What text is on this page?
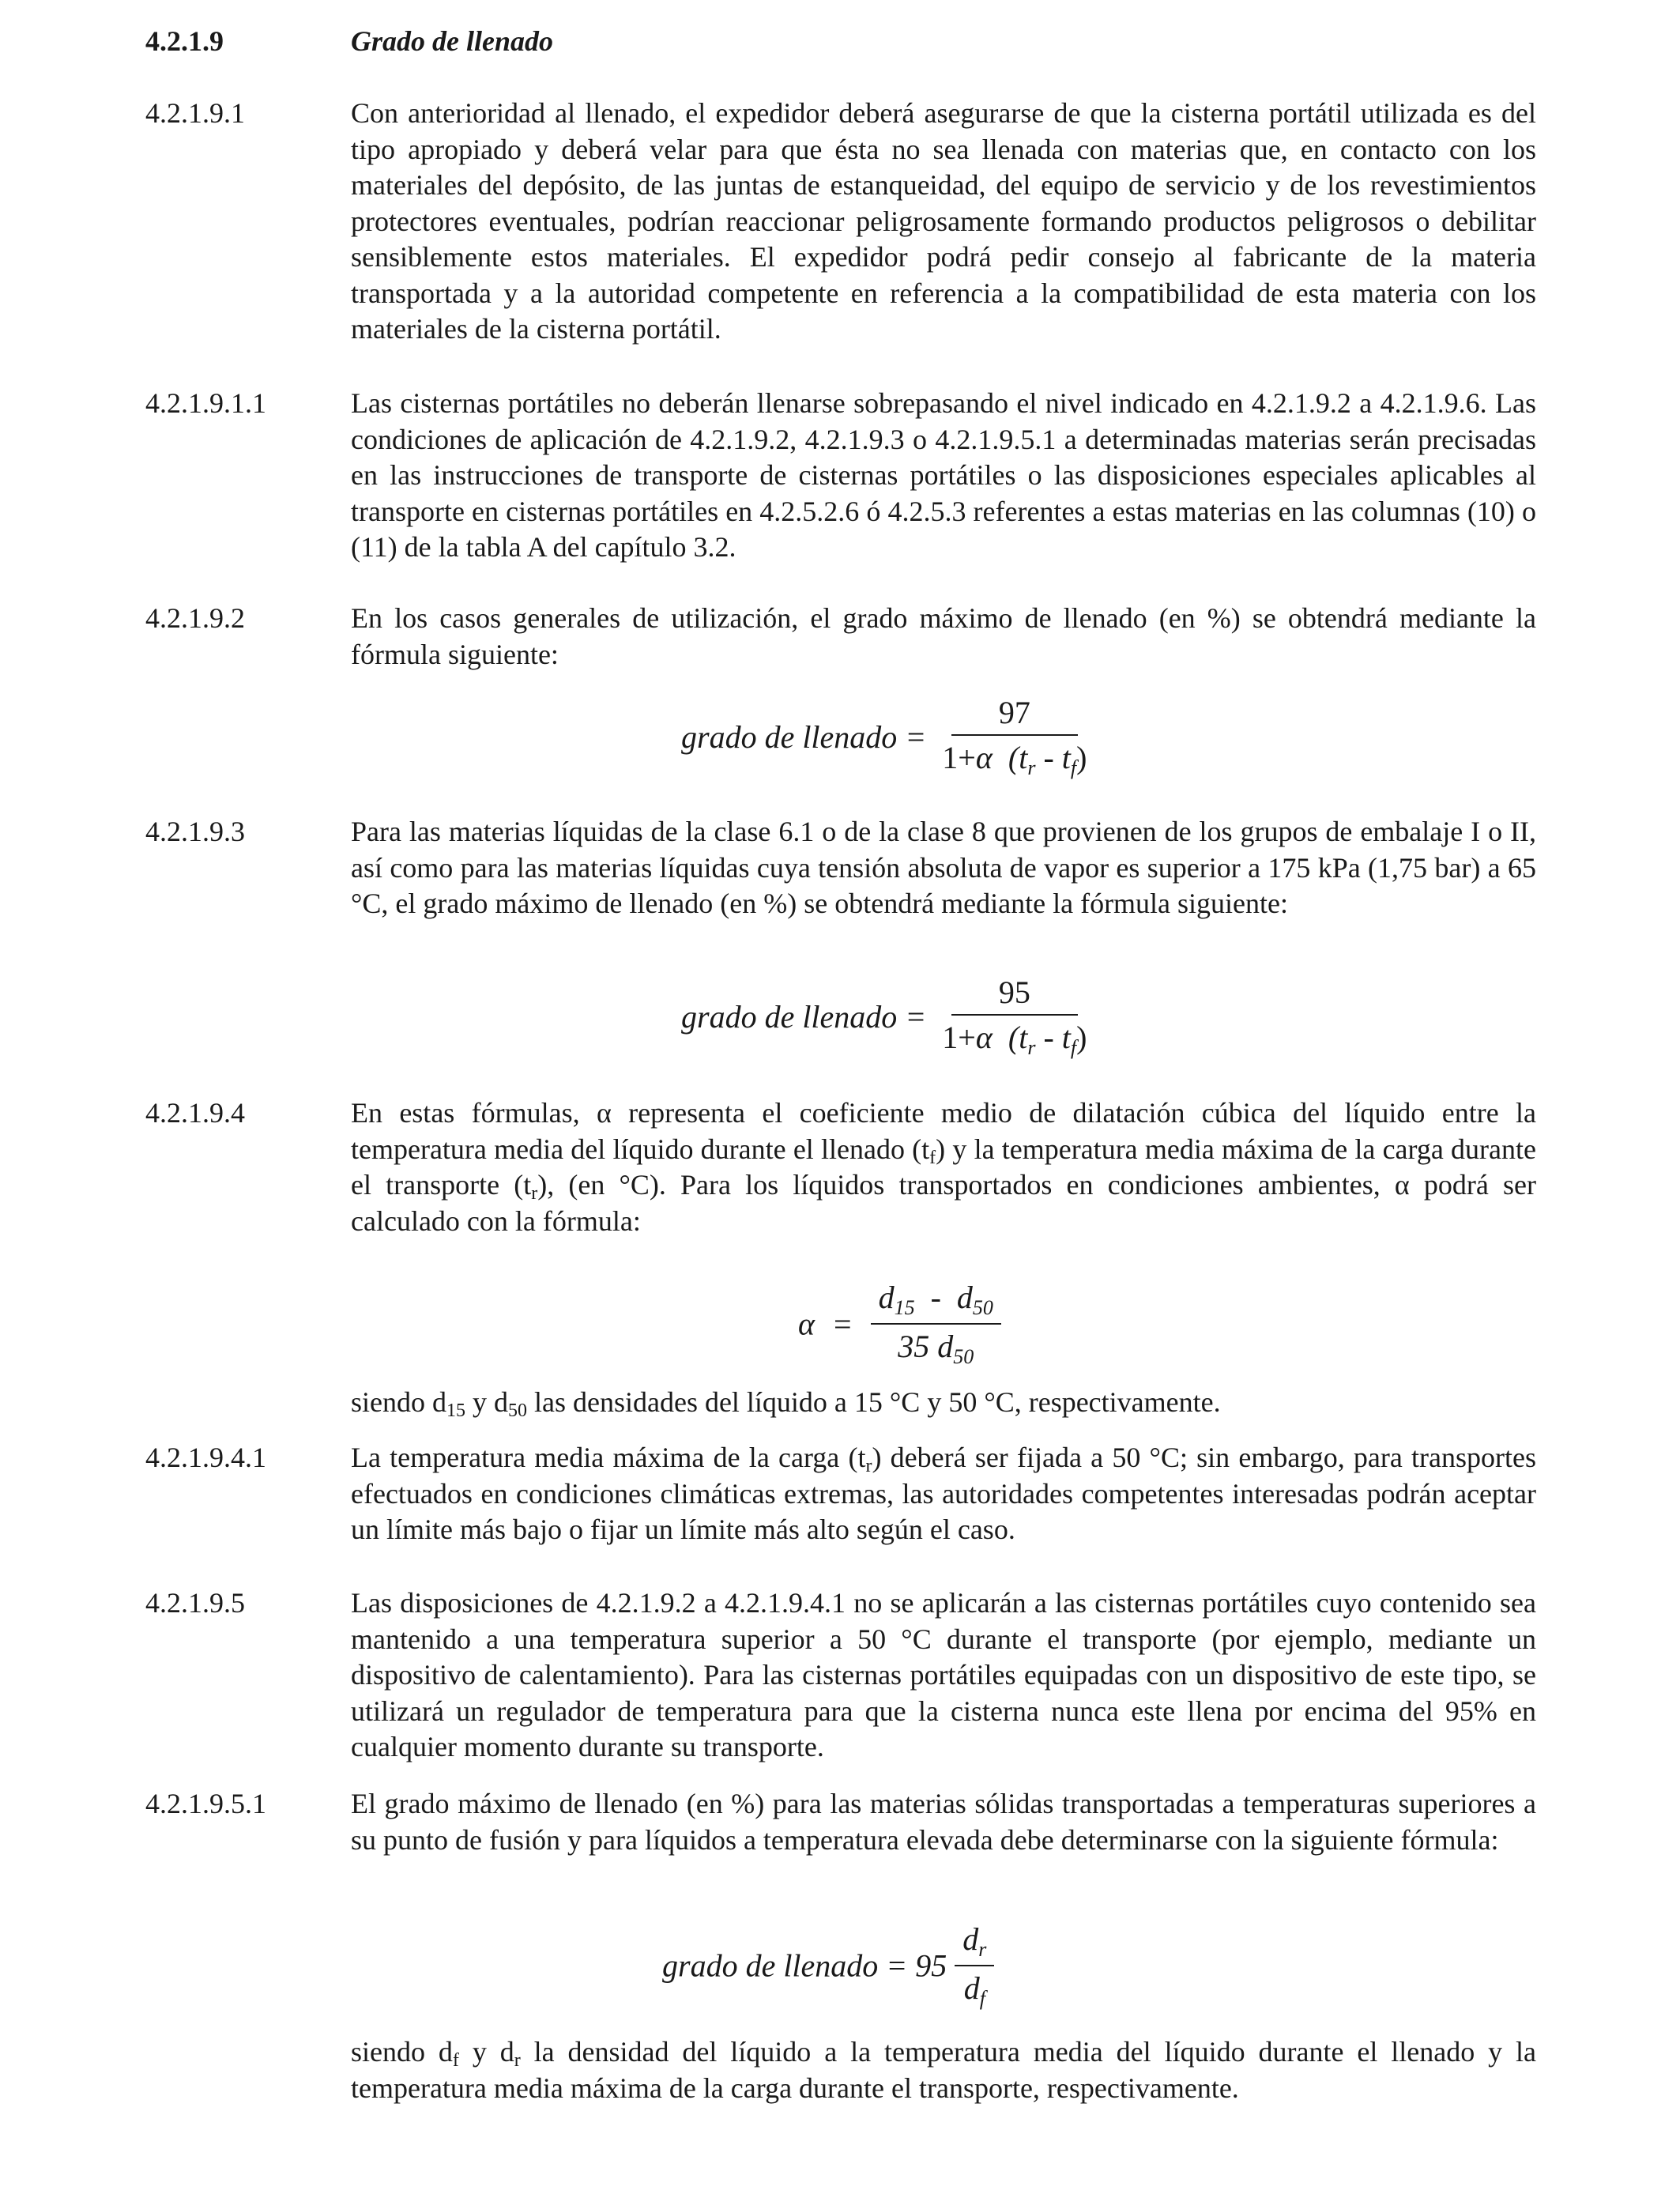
4.2.1.9	Grado de llenado
4.2.1.9.1	Con anterioridad al llenado, el expedidor deberá asegurarse de que la cisterna portátil utilizada es del tipo apropiado y deberá velar para que ésta no sea llenada con materias que, en contacto con los materiales del depósito, de las juntas de estanqueidad, del equipo de servicio y de los revestimientos protectores eventuales, podrían reaccionar peligrosamente formando productos peligrosos o debilitar sensiblemente estos materiales. El expedidor podrá pedir consejo al fabricante de la materia transportada y a la autoridad competente en referencia a la compatibilidad de esta materia con los materiales de la cisterna portátil.

4.2.1.9.1.1	Las cisternas portátiles no deberán llenarse sobrepasando el nivel indicado en 4.2.1.9.2 a 4.2.1.9.6. Las condiciones de aplicación de 4.2.1.9.2, 4.2.1.9.3 o 4.2.1.9.5.1 a determinadas materias serán precisadas en las instrucciones de transporte de cisternas portátiles o las disposiciones especiales aplicables al transporte en cisternas portátiles en 4.2.5.2.6 ó 4.2.5.3 referentes a estas materias en las columnas (10) o (11) de la tabla A del capítulo 3.2.

4.2.1.9.2	En los casos generales de utilización, el grado máximo de llenado (en %) se obtendrá mediante la fórmula siguiente:

grado de llenado = $\frac{97}{1+\alpha (t_r - t_f)}$
4.2.1.9.3	Para las materias líquidas de la clase 6.1 o de la clase 8 que provienen de los grupos de embalaje I o II, así como para las materias líquidas cuya tensión absoluta de vapor es superior a 175 kPa (1,75 bar) a 65 °C, el grado máximo de llenado (en %) se obtendrá mediante la fórmula siguiente:

grado de llenado = $\frac{95}{1+\alpha (t_r - t_f)}$
4.2.1.9.4	En estas fórmulas, α representa el coeficiente medio de dilatación cúbica del líquido entre la temperatura media del líquido durante el llenado $(t_f)$ y la temperatura media máxima de la carga durante el transporte $(t_r)$, (en °C). Para los líquidos transportados en condiciones ambientes, α podrá ser calculado con la fórmula:

$\alpha = \frac{d_{15} - d_{50}}{35 d_{50}}$
siendo $d_{15}$ y $d_{50}$ las densidades del líquido a 15 °C y 50 °C, respectivamente.
4.2.1.9.4.1	La temperatura media máxima de la carga $(t_r)$ deberá ser fijada a 50 °C; sin embargo, para transportes efectuados en condiciones climáticas extremas, las autoridades competentes interesadas podrán aceptar un límite más bajo o fijar un límite más alto según el caso.

4.2.1.9.5	Las disposiciones de 4.2.1.9.2 a 4.2.1.9.4.1 no se aplicarán a las cisternas portátiles cuyo contenido sea mantenido a una temperatura superior a 50 °C durante el transporte (por ejemplo, mediante un dispositivo de calentamiento). Para las cisternas portátiles equipadas con un dispositivo de este tipo, se utilizará un regulador de temperatura para que la cisterna nunca este llena por encima del 95% en cualquier momento durante su transporte.

4.2.1.9.5.1	El grado máximo de llenado (en %) para las materias sólidas transportadas a temperaturas superiores a su punto de fusión y para líquidos a temperatura elevada debe determinarse con la siguiente fórmula:

grado de llenado = $95 \frac{d_r}{d_f}$
siendo $d_f$ y $d_r$ la densidad del líquido a la temperatura media del líquido durante el llenado y la temperatura media máxima de la carga durante el transporte, respectivamente.
